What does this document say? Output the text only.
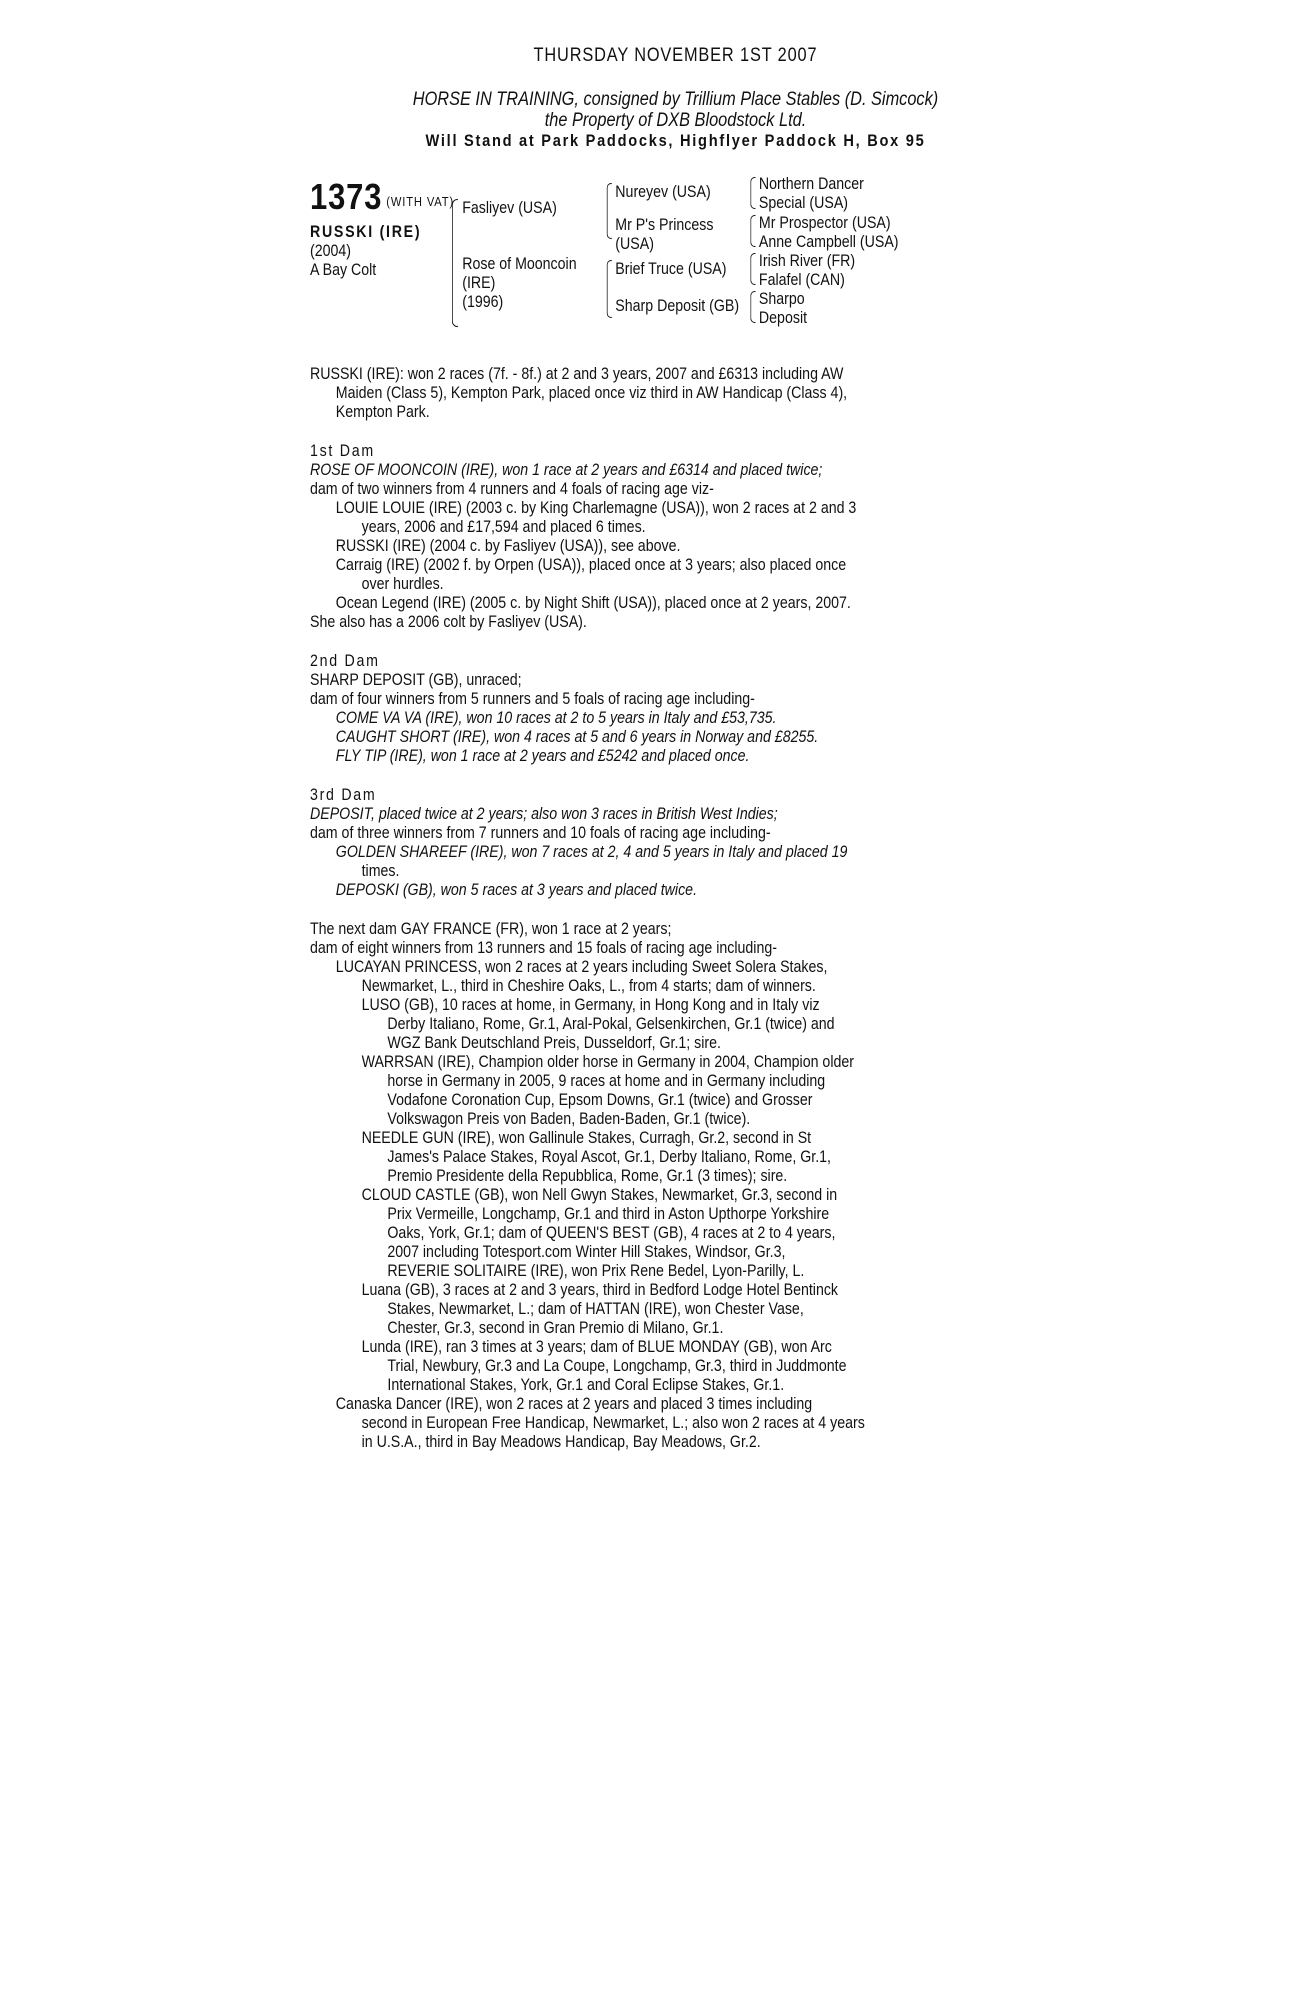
THURSDAY NOVEMBER 1ST 2007
HORSE IN TRAINING, consigned by Trillium Place Stables (D. Simcock)
the Property of DXB Bloodstock Ltd.
Will Stand at Park Paddocks, Highflyer Paddock H, Box 95
1373 (WITH VAT)
RUSSKI (IRE)
(2004)
A Bay Colt
Fasliyev (USA)
Rose of Mooncoin
(IRE)
(1996)
Nureyev (USA)
Mr P's Princess
(USA)
Brief Truce (USA)
Sharp Deposit (GB)
Northern Dancer
Special (USA)
Mr Prospector (USA)
Anne Campbell (USA)
Irish River (FR)
Falafel (CAN)
Sharpo
Deposit
RUSSKI (IRE): won 2 races (7f. - 8f.) at 2 and 3 years, 2007 and £6313 including AW
Maiden (Class 5), Kempton Park, placed once viz third in AW Handicap (Class 4),
Kempton Park.
1st Dam
ROSE OF MOONCOIN (IRE), won 1 race at 2 years and £6314 and placed twice;
dam of two winners from 4 runners and 4 foals of racing age viz-
LOUIE LOUIE (IRE) (2003 c. by King Charlemagne (USA)), won 2 races at 2 and 3
years, 2006 and £17,594 and placed 6 times.
RUSSKI (IRE) (2004 c. by Fasliyev (USA)), see above.
Carraig (IRE) (2002 f. by Orpen (USA)), placed once at 3 years; also placed once
over hurdles.
Ocean Legend (IRE) (2005 c. by Night Shift (USA)), placed once at 2 years, 2007.
She also has a 2006 colt by Fasliyev (USA).
2nd Dam
SHARP DEPOSIT (GB), unraced;
dam of four winners from 5 runners and 5 foals of racing age including-
COME VA VA (IRE), won 10 races at 2 to 5 years in Italy and £53,735.
CAUGHT SHORT (IRE), won 4 races at 5 and 6 years in Norway and £8255.
FLY TIP (IRE), won 1 race at 2 years and £5242 and placed once.
3rd Dam
DEPOSIT, placed twice at 2 years; also won 3 races in British West Indies;
dam of three winners from 7 runners and 10 foals of racing age including-
GOLDEN SHAREEF (IRE), won 7 races at 2, 4 and 5 years in Italy and placed 19
times.
DEPOSKI (GB), won 5 races at 3 years and placed twice.
The next dam GAY FRANCE (FR), won 1 race at 2 years;
dam of eight winners from 13 runners and 15 foals of racing age including-
LUCAYAN PRINCESS, won 2 races at 2 years including Sweet Solera Stakes,
Newmarket, L., third in Cheshire Oaks, L., from 4 starts; dam of winners.
LUSO (GB), 10 races at home, in Germany, in Hong Kong and in Italy viz
Derby Italiano, Rome, Gr.1, Aral-Pokal, Gelsenkirchen, Gr.1 (twice) and
WGZ Bank Deutschland Preis, Dusseldorf, Gr.1; sire.
WARRSAN (IRE), Champion older horse in Germany in 2004, Champion older
horse in Germany in 2005, 9 races at home and in Germany including
Vodafone Coronation Cup, Epsom Downs, Gr.1 (twice) and Grosser
Volkswagon Preis von Baden, Baden-Baden, Gr.1 (twice).
NEEDLE GUN (IRE), won Gallinule Stakes, Curragh, Gr.2, second in St
James's Palace Stakes, Royal Ascot, Gr.1, Derby Italiano, Rome, Gr.1,
Premio Presidente della Repubblica, Rome, Gr.1 (3 times); sire.
CLOUD CASTLE (GB), won Nell Gwyn Stakes, Newmarket, Gr.3, second in
Prix Vermeille, Longchamp, Gr.1 and third in Aston Upthorpe Yorkshire
Oaks, York, Gr.1; dam of QUEEN'S BEST (GB), 4 races at 2 to 4 years,
2007 including Totesport.com Winter Hill Stakes, Windsor, Gr.3,
REVERIE SOLITAIRE (IRE), won Prix Rene Bedel, Lyon-Parilly, L.
Luana (GB), 3 races at 2 and 3 years, third in Bedford Lodge Hotel Bentinck
Stakes, Newmarket, L.; dam of HATTAN (IRE), won Chester Vase,
Chester, Gr.3, second in Gran Premio di Milano, Gr.1.
Lunda (IRE), ran 3 times at 3 years; dam of BLUE MONDAY (GB), won Arc
Trial, Newbury, Gr.3 and La Coupe, Longchamp, Gr.3, third in Juddmonte
International Stakes, York, Gr.1 and Coral Eclipse Stakes, Gr.1.
Canaska Dancer (IRE), won 2 races at 2 years and placed 3 times including
second in European Free Handicap, Newmarket, L.; also won 2 races at 4 years
in U.S.A., third in Bay Meadows Handicap, Bay Meadows, Gr.2.
